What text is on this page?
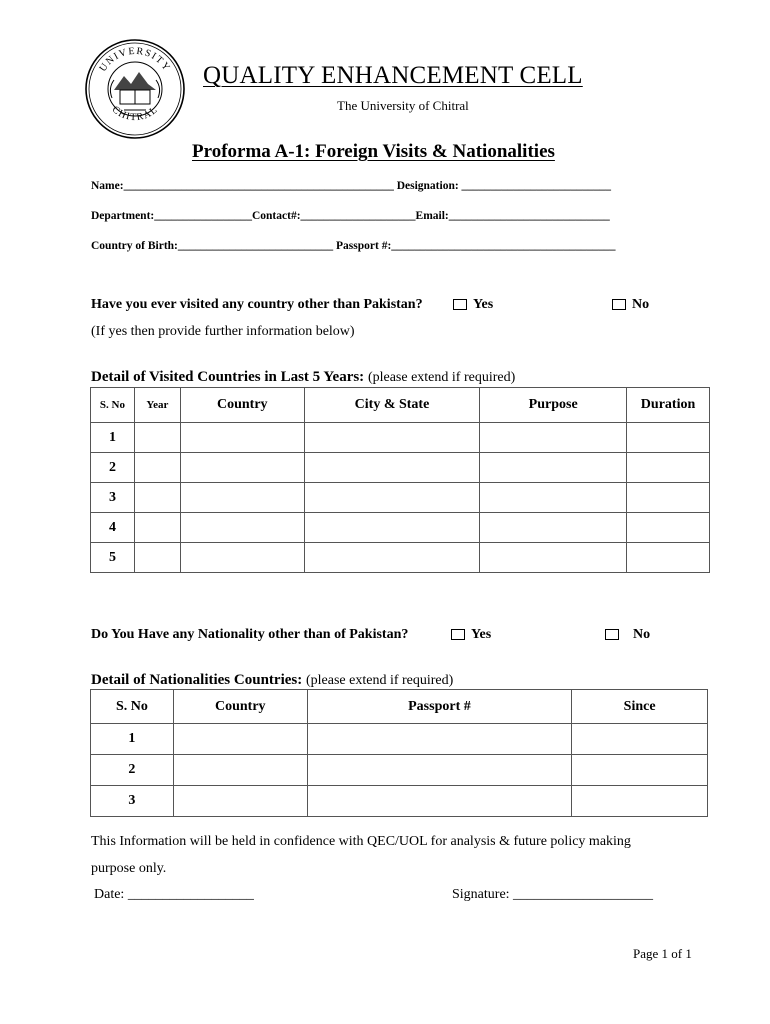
UNIVERSITY
CHITRAL
QUALITY ENHANCEMENT CELL
The University of Chitral
Proforma A-1: Foreign Visits & Nationalities
Name:_______________________________________________ Designation: __________________________
Department:_________________Contact#:____________________Email:____________________________
Country of Birth:___________________________ Passport #:_______________________________________
Have you ever visited any country other than Pakistan?	Yes	No
(If yes then provide further information below)
Detail of Visited Countries in Last 5 Years: (please extend if required)
S. No	Year	Country	City & State	Purpose	Duration
1					
2					
3					
4					
5					
Do You Have any Nationality other than of Pakistan?	Yes	No
Detail of Nationalities Countries: (please extend if required)
S. No	Country	Passport #	Since
1			
2			
3			
This Information will be held in confidence with QEC/UOL for analysis & future policy making
purpose only.
Date: __________________	Signature: ____________________
Page 1 of 1
